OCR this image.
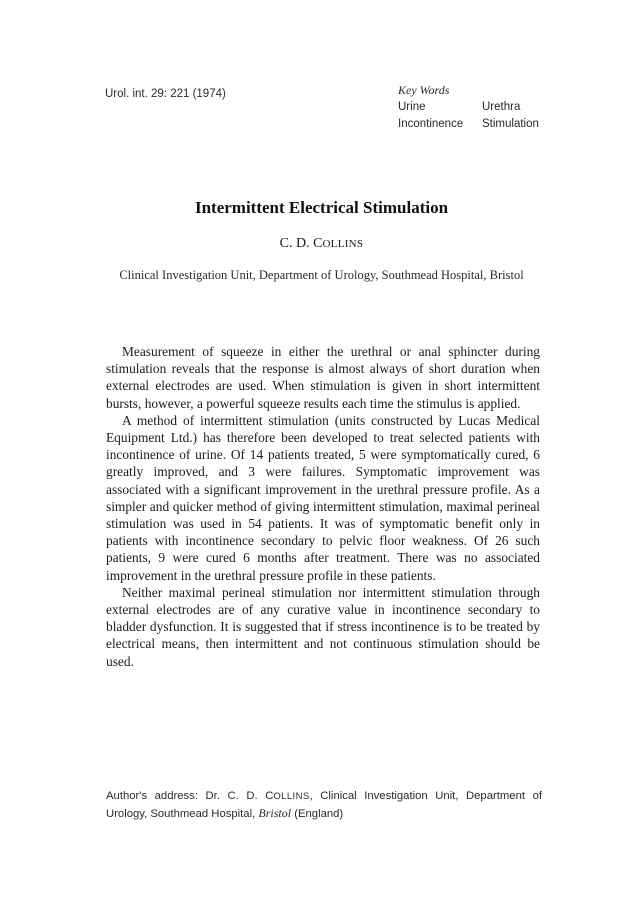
Urol. int. 29: 221 (1974)	Key Words
Urine	Urethra
Incontinence	Stimulation
Intermittent Electrical Stimulation
C. D. COLLINS
Clinical Investigation Unit, Department of Urology, Southmead Hospital, Bristol

Measurement of squeeze in either the urethral or anal sphincter during stimulation reveals that the response is almost always of short duration when external electrodes are used. When stimulation is given in short intermittent bursts, however, a powerful squeeze results each time the stimulus is applied.

A method of intermittent stimulation (units constructed by Lucas Medical Equipment Ltd.) has therefore been developed to treat selected patients with incontinence of urine. Of 14 patients treated, 5 were symptomatically cured, 6 greatly improved, and 3 were failures. Symptomatic improvement was associated with a significant improvement in the urethral pressure profile. As a simpler and quicker method of giving intermittent stimulation, maximal perineal stimulation was used in 54 patients. It was of symptomatic benefit only in patients with incontinence secondary to pelvic floor weakness. Of 26 such patients, 9 were cured 6 months after treatment. There was no associated improvement in the urethral pressure profile in these patients.

Neither maximal perineal stimulation nor intermittent stimulation through external electrodes are of any curative value in incontinence secondary to bladder dysfunction. It is suggested that if stress incontinence is to be treated by electrical means, then intermittent and not continuous stimulation should be used.

Author's address: Dr. C. D. COLLINS, Clinical Investigation Unit, Department of Urology, Southmead Hospital, Bristol (England)
